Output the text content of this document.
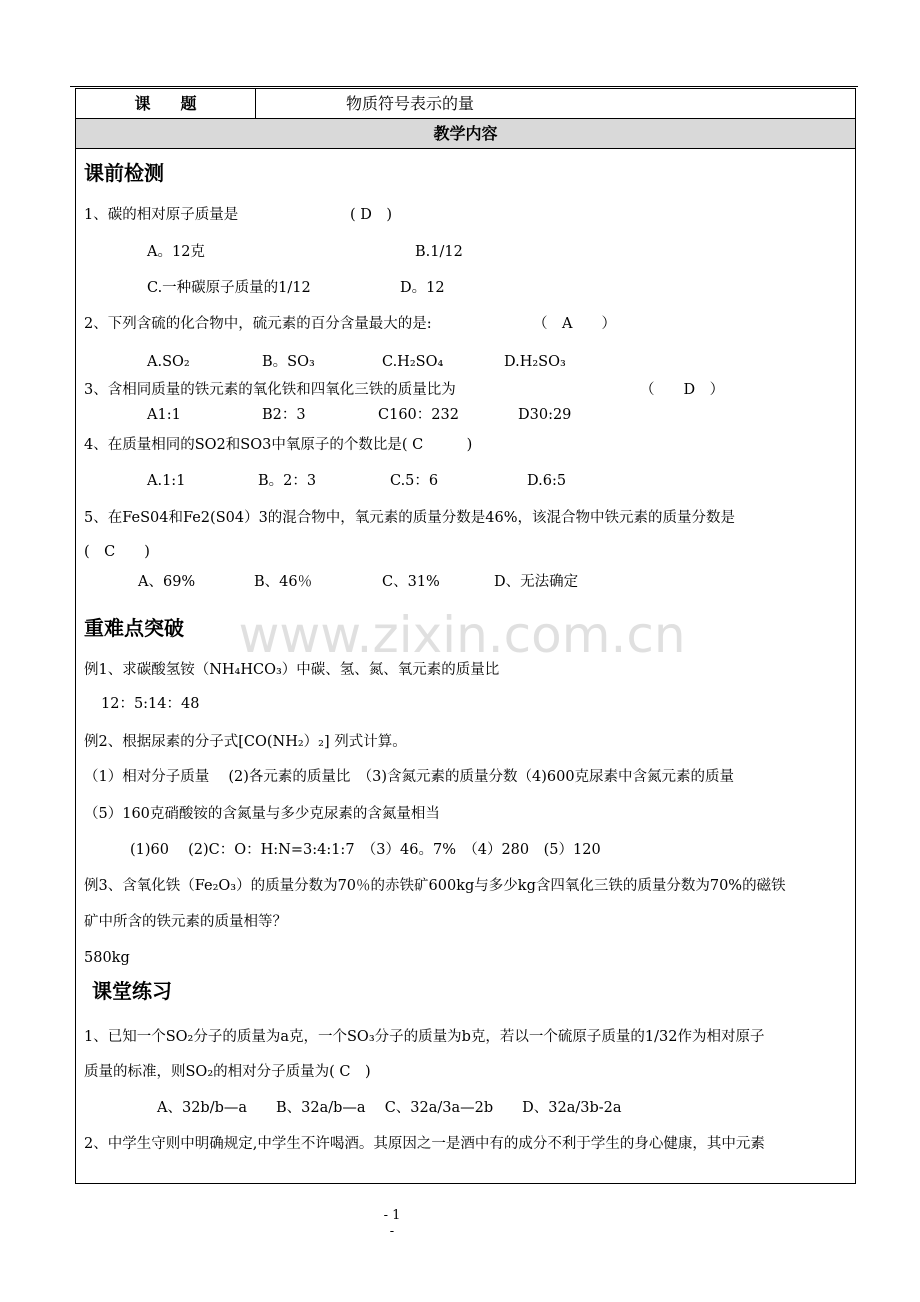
课题	物质符号表示的量
教学内容
课前检测
1、碳的相对原子质量是	( D　)
A。12克	B.1/12
C.一种碳原子质量的1/12	D。12
2、下列含硫的化合物中，硫元素的百分含量最大的是:	（　A　　）
A.SO₂	B。SO₃	C.H₂SO₄	D.H₂SO₃
3、含相同质量的铁元素的氧化铁和四氧化三铁的质量比为	（　　D　）
A1:1	B2：3	C160：232	D30:29
4、在质量相同的SO2和SO3中氧原子的个数比是( C　　　)
A.1:1	B。2：3	C.5：6	D.6:5
5、在FeS04和Fe2(S04）3的混合物中，氧元素的质量分数是46%，该混合物中铁元素的质量分数是
(　C　　)
A、69%	B、46％	C、31%	D、无法确定
www.zixin.com.cn
重难点突破
例1、求碳酸氢铵（NH₄HCO₃）中碳、氢、氮、氧元素的质量比
12：5:14：48
例2、根据尿素的分子式[CO(NH₂）₂] 列式计算。
（1）相对分子质量　 (2)各元素的质量比　（3)含氮元素的质量分数（4)600克尿素中含氮元素的质量
（5）160克硝酸铵的含氮量与多少克尿素的含氮量相当
(1)60　 (2)C：O：H:N=3:4:1:7　（3）46。7%　（4）280　(5）120
例3、含氧化铁（Fe₂O₃）的质量分数为70％的赤铁矿600kg与多少kg含四氧化三铁的质量分数为70%的磁铁
矿中所含的铁元素的质量相等？
580kg
课堂练习
1、已知一个SO₂分子的质量为a克，一个SO₃分子的质量为b克，若以一个硫原子质量的1/32作为相对原子
质量的标准，则SO₂的相对分子质量为( C　)
A、32b/b—a　　B、32a/b—a　 C、32a/3a—2b　　D、32a/3b-2a
2、中学生守则中明确规定,中学生不许喝酒。其原因之一是酒中有的成分不利于学生的身心健康，其中元素
- 1 -
